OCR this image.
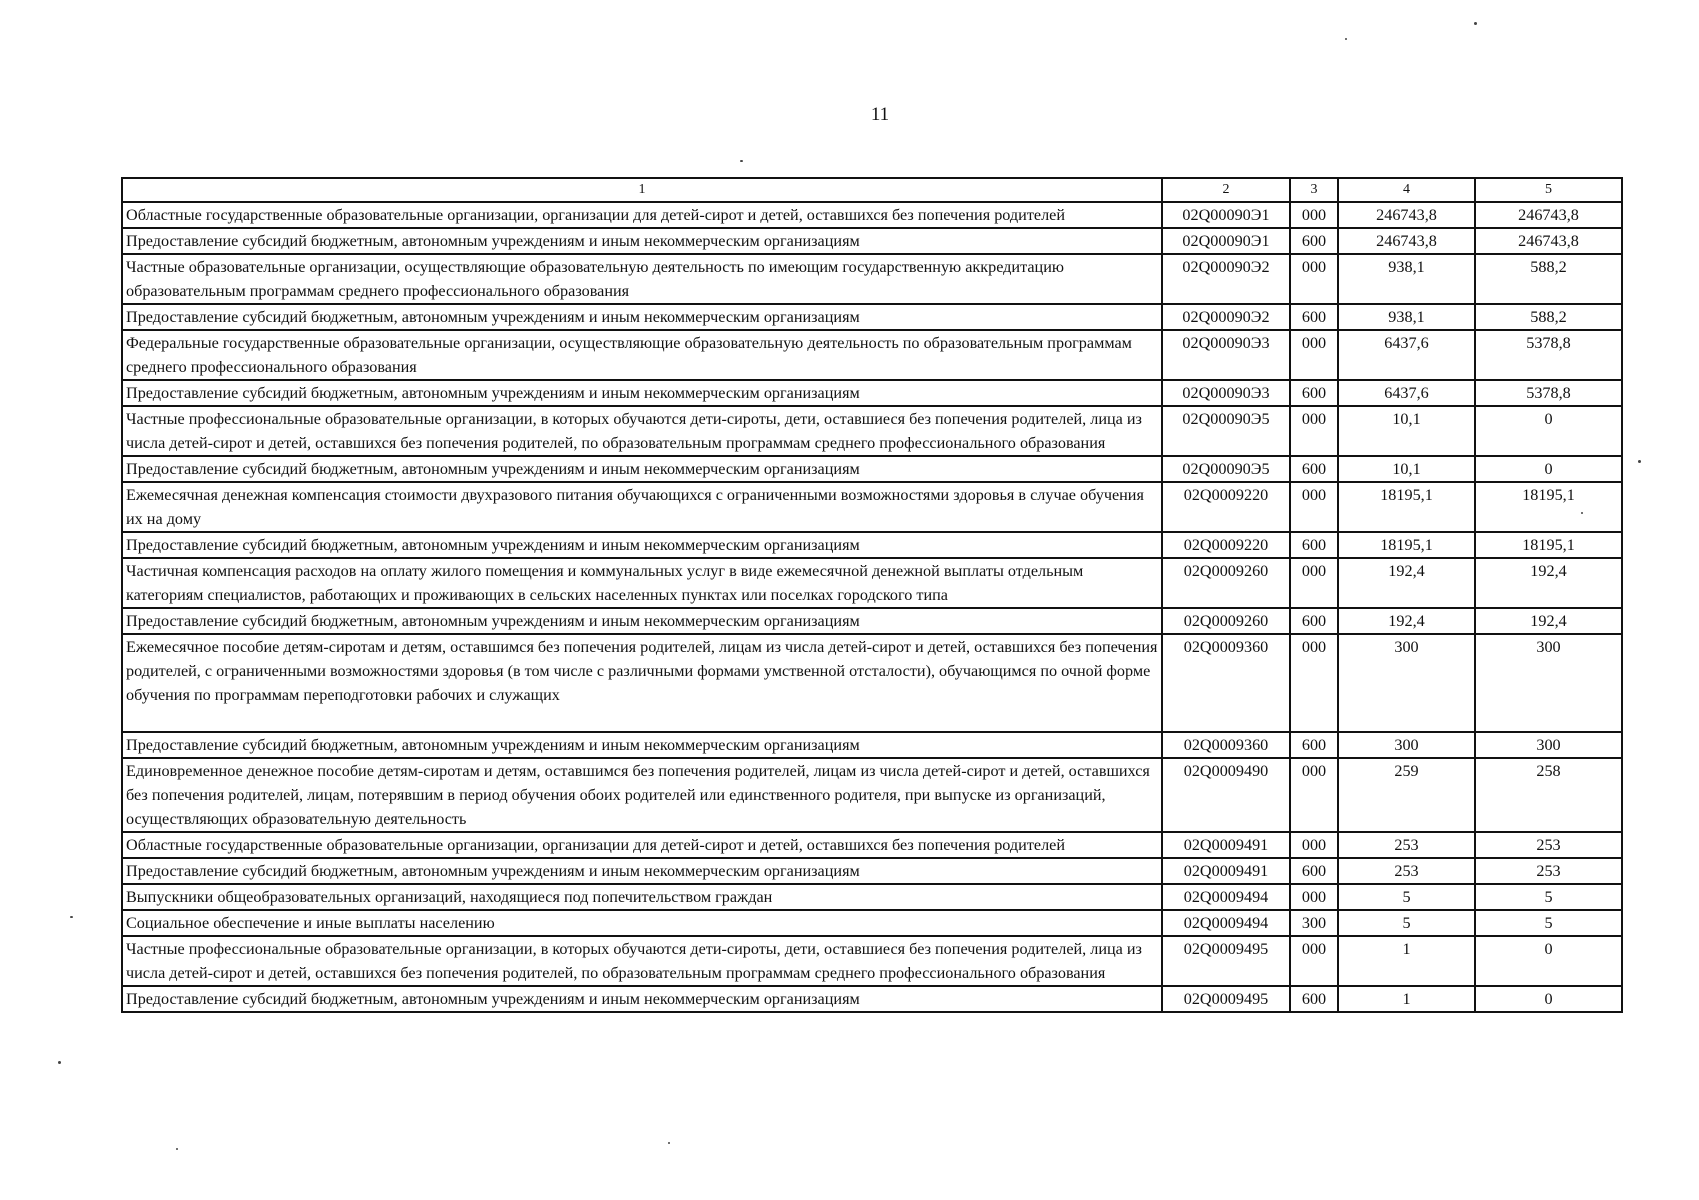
11
1	2	3	4	5
Областные государственные образовательные организации, организации для детей-сирот и детей, оставшихся без попечения родителей	02Q00090Э1	000	246743,8	246743,8
Предоставление субсидий бюджетным, автономным учреждениям и иным некоммерческим организациям	02Q00090Э1	600	246743,8	246743,8
Частные образовательные организации, осуществляющие образовательную деятельность по имеющим государственную аккредитацию образовательным программам среднего профессионального образования	02Q00090Э2	000	938,1	588,2
Предоставление субсидий бюджетным, автономным учреждениям и иным некоммерческим организациям	02Q00090Э2	600	938,1	588,2
Федеральные государственные образовательные организации, осуществляющие образовательную деятельность по образовательным программам среднего профессионального образования	02Q00090Э3	000	6437,6	5378,8
Предоставление субсидий бюджетным, автономным учреждениям и иным некоммерческим организациям	02Q00090Э3	600	6437,6	5378,8
Частные профессиональные образовательные организации, в которых обучаются дети-сироты, дети, оставшиеся без попечения родителей, лица из числа детей-сирот и детей, оставшихся без попечения родителей, по образовательным программам среднего профессионального образования	02Q00090Э5	000	10,1	0
Предоставление субсидий бюджетным, автономным учреждениям и иным некоммерческим организациям	02Q00090Э5	600	10,1	0
Ежемесячная денежная компенсация стоимости двухразового питания обучающихся с ограниченными возможностями здоровья в случае обучения их на дому	02Q0009220	000	18195,1	18195,1
Предоставление субсидий бюджетным, автономным учреждениям и иным некоммерческим организациям	02Q0009220	600	18195,1	18195,1
Частичная компенсация расходов на оплату жилого помещения и коммунальных услуг в виде ежемесячной денежной выплаты отдельным категориям специалистов, работающих и проживающих в сельских населенных пунктах или поселках городского типа	02Q0009260	000	192,4	192,4
Предоставление субсидий бюджетным, автономным учреждениям и иным некоммерческим организациям	02Q0009260	600	192,4	192,4
Ежемесячное пособие детям-сиротам и детям, оставшимся без попечения родителей, лицам из числа детей-сирот и детей, оставшихся без попечения родителей, с ограниченными возможностями здоровья (в том числе с различными формами умственной отсталости), обучающимся по очной форме обучения по программам переподготовки рабочих и служащих	02Q0009360	000	300	300
Предоставление субсидий бюджетным, автономным учреждениям и иным некоммерческим организациям	02Q0009360	600	300	300
Единовременное денежное пособие детям-сиротам и детям, оставшимся без попечения родителей, лицам из числа детей-сирот и детей, оставшихся без попечения родителей, лицам, потерявшим в период обучения обоих родителей или единственного родителя, при выпуске из организаций, осуществляющих образовательную деятельность	02Q0009490	000	259	258
Областные государственные образовательные организации, организации для детей-сирот и детей, оставшихся без попечения родителей	02Q0009491	000	253	253
Предоставление субсидий бюджетным, автономным учреждениям и иным некоммерческим организациям	02Q0009491	600	253	253
Выпускники общеобразовательных организаций, находящиеся под попечительством граждан	02Q0009494	000	5	5
Социальное обеспечение и иные выплаты населению	02Q0009494	300	5	5
Частные профессиональные образовательные организации, в которых обучаются дети-сироты, дети, оставшиеся без попечения родителей, лица из числа детей-сирот и детей, оставшихся без попечения родителей, по образовательным программам среднего профессионального образования	02Q0009495	000	1	0
Предоставление субсидий бюджетным, автономным учреждениям и иным некоммерческим организациям	02Q0009495	600	1	0
